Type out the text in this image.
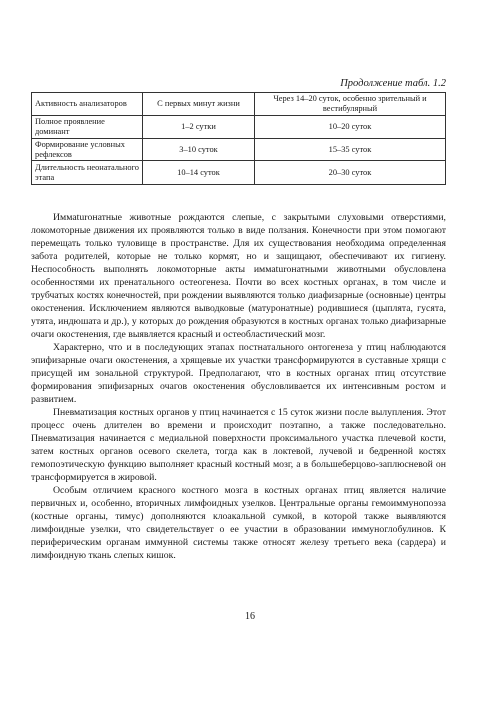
Продолжение табл. 1.2
Активность анализаторов	С первых минут жизни	Через 14–20 суток, особенно зрительный и вестибулярный
Полное проявление доминант	1–2 сутки	10–20 суток
Формирование условных рефлексов	3–10 суток	15–35 суток
Длительность неонатального этапа	10–14 суток	20–30 суток

Иммаturонатные животные рождаются слепые, с закрытыми слуховыми отверстиями, локомоторные движения их проявляются только в виде ползания. Конечности при этом помогают перемещать только туловище в пространстве. Для их существования необходима определенная забота родителей, которые не только кормят, но и защищают, обеспечивают их гигиену. Неспособность выполнять локомоторные акты иммаturонатными животными обусловлена особенностями их пренатального остеогенеза. Почти во всех костных органах, в том числе и трубчатых костях конечностей, при рождении выявляются только диафизарные (основные) центры окостенения. Исключением являются выводковые (матуронатные) родившиеся (цыплята, гусята, утята, индюшата и др.), у которых до рождения образуются в костных органах только диафизарные очаги окостенения, где выявляется красный и остеобластический мозг.

Характерно, что и в последующих этапах постнатального онтогенеза у птиц наблюдаются эпифизарные очаги окостенения, а хрящевые их участки трансформируются в суставные хрящи с присущей им зональной структурой. Предполагают, что в костных органах птиц отсутствие формирования эпифизарных очагов окостенения обусловливается их интенсивным ростом и развитием.

Пневматизация костных органов у птиц начинается с 15 суток жизни после вылупления. Этот процесс очень длителен во времени и происходит поэтапно, а также последовательно. Пневматизация начинается с медиальной поверхности проксимального участка плечевой кости, затем костных органов осевого скелета, тогда как в локтевой, лучевой и бедренной костях гемопоэтическую функцию выполняет красный костный мозг, а в большеберцово-заплюсневой он трансформируется в жировой.

Особым отличием красного костного мозга в костных органах птиц является наличие первичных и, особенно, вторичных лимфоидных узелков. Центральные органы гемоиммунопоэза (костные органы, тимус) дополняются клоакальной сумкой, в которой также выявляются лимфоидные узелки, что свидетельствует о ее участии в образовании иммуноглобулинов. К периферическим органам иммунной системы также относят железу третьего века (сардера) и лимфоидную ткань слепых кишок.

16
